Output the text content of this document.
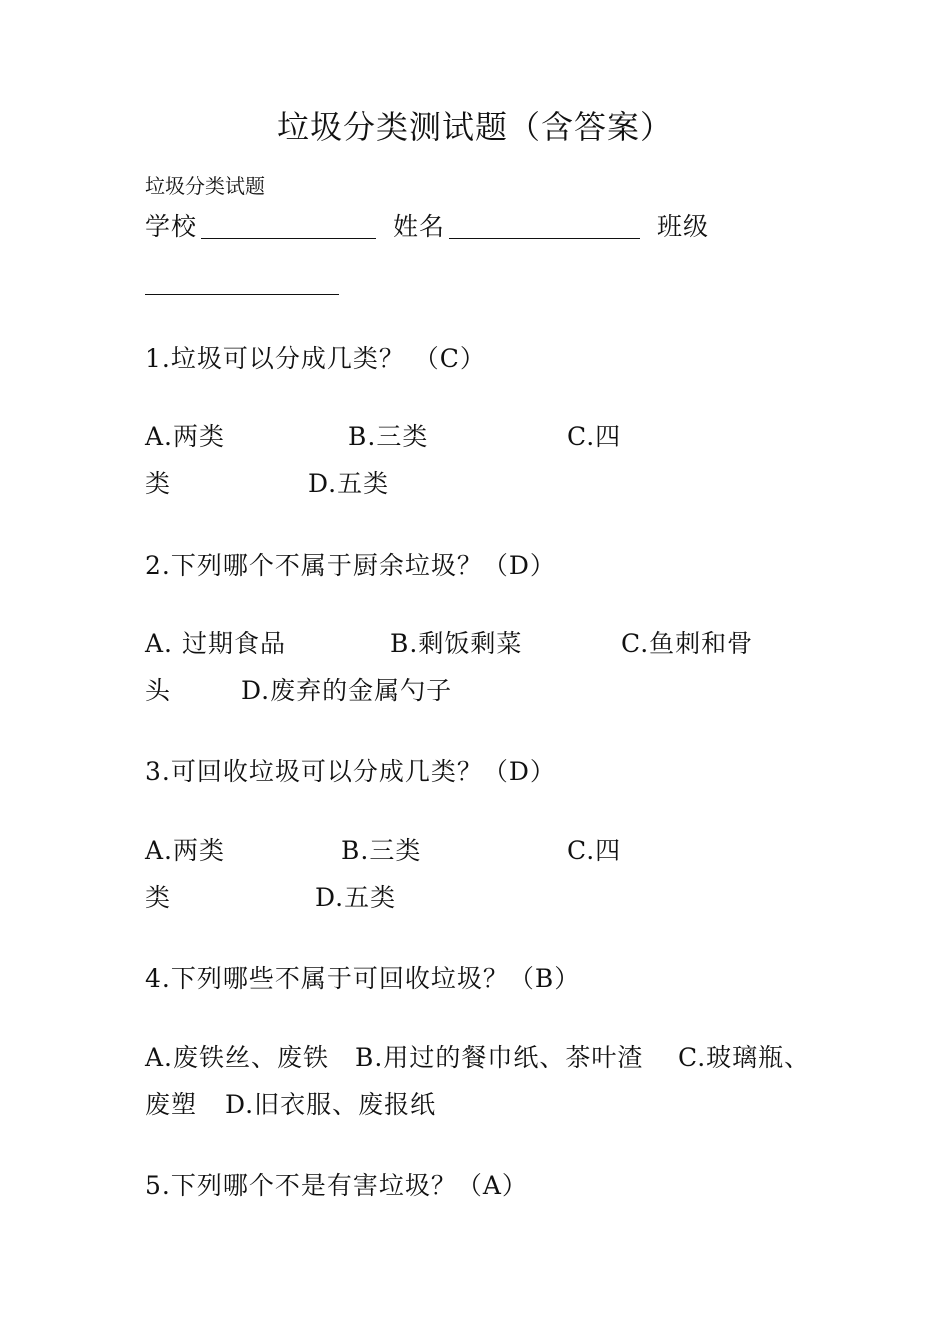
垃圾分类测试题（含答案）
垃圾分类试题
学校	姓名	班级
1.垃圾可以分成几类？ （C）
A.两类	B.三类	C.四
类	D.五类
2.下列哪个不属于厨余垃圾？（D）
A. 过期食品	B.剩饭剩菜	C.鱼刺和骨
头	D.废弃的金属勺子
3.可回收垃圾可以分成几类？（D）
A.两类	B.三类	C.四
类	D.五类
4.下列哪些不属于可回收垃圾？（B）
A.废铁丝、废铁 B.用过的餐巾纸、茶叶渣 C.玻璃瓶、
废塑 D.旧衣服、废报纸
5.下列哪个不是有害垃圾？（A）
